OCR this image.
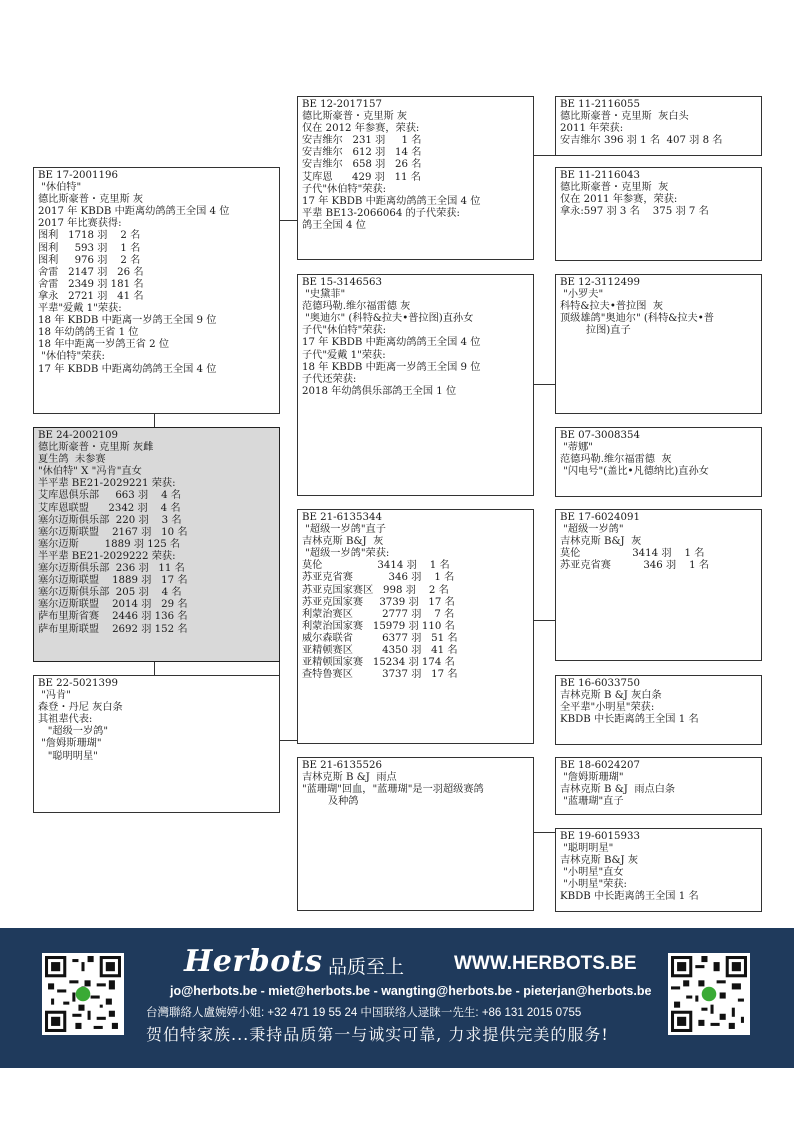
BE 17-2001196
"休伯特"
德比斯豪普・克里斯 灰
2017 年 KBDB 中距离幼鸽鸽王全国 4 位
2017 年比赛获得:
图利   1718 羽    2 名
图利     593 羽    1 名
图利     976 羽    2 名
舍雷   2147 羽   26 名
舍雷   2349 羽 181 名
拿永   2721 羽   41 名
平辈"爱戴 1"荣获:
18 年 KBDB 中距离一岁鸽王全国 9 位
18 年幼鸽鸽王省 1 位
18 年中距离一岁鸽王省 2 位
"休伯特"荣获:
17 年 KBDB 中距离幼鸽鸽王全国 4 位
BE 24-2002109
德比斯豪普・克里斯 灰雌
夏生鸽  未参赛
"休伯特" X "冯肯"直女
半平辈 BE21-2029221 荣获:
艾库恩俱乐部     663 羽    4 名
艾库恩联盟      2342 羽    4 名
塞尔迈斯俱乐部  220 羽    3 名
塞尔迈斯联盟    2167 羽   10 名
塞尔迈斯        1889 羽 125 名
半平辈 BE21-2029222 荣获:
塞尔迈斯俱乐部  236 羽   11 名
塞尔迈斯联盟    1889 羽   17 名
塞尔迈斯俱乐部  205 羽    4 名
塞尔迈斯联盟    2014 羽   29 名
萨布里斯省赛    2446 羽 136 名
萨布里斯联盟    2692 羽 152 名
BE 22-5021399
"冯肯"
森登・丹尼 灰白条
其祖辈代表:
"超级一岁鸽"
"詹姆斯珊瑚"
"聪明明星"
BE 12-2017157
德比斯豪普・克里斯 灰
仅在 2012 年参赛，荣获:
安吉维尔   231 羽     1 名
安吉维尔   612 羽   14 名
安吉维尔   658 羽   26 名
艾库恩      429 羽   11 名
子代"休伯特"荣获:
17 年 KBDB 中距离幼鸽鸽王全国 4 位
平辈 BE13-2066064 的子代荣获:
鸽王全国 4 位
BE 15-3146563
"史黛菲"
范德玛勒.维尔福雷德 灰
"奥迪尔" (科特&拉夫•普拉图)直孙女
子代"休伯特"荣获:
17 年 KBDB 中距离幼鸽鸽王全国 4 位
子代"爱戴 1"荣获:
18 年 KBDB 中距离一岁鸽王全国 9 位
子代还荣获:
2018 年幼鸽俱乐部鸽王全国 1 位
BE 21-6135344
"超级一岁鸽"直子
吉林克斯 B&J  灰
"超级一岁鸽"荣获:
莫伦                 3414 羽    1 名
苏亚克省赛           346 羽    1 名
苏亚克国家赛区   998 羽    2 名
苏亚克国家赛     3739 羽   17 名
利蒙治赛区         2777 羽    7 名
利蒙治国家赛   15979 羽 110 名
威尔森联省         6377 羽   51 名
亚精顿赛区         4350 羽   41 名
亚精顿国家赛   15234 羽 174 名
查特鲁赛区         3737 羽   17 名
BE 21-6135526
吉林克斯 B &J  雨点
"蓝珊瑚"回血，"蓝珊瑚"是一羽超级赛鸽
及种鸽
BE 11-2116055
德比斯豪普・克里斯  灰白头
2011 年荣获:
安吉维尔 396 羽 1 名  407 羽 8 名
BE 11-2116043
德比斯豪普・克里斯  灰
仅在 2011 年参赛，荣获:
拿永:597 羽 3 名    375 羽 7 名
BE 12-3112499
"小罗夫"
科特&拉夫•普拉图  灰
顶级雄鸽"奥迪尔" (科特&拉夫•普
拉图)直子
BE 07-3008354
"蒂娜"
范德玛勒.维尔福雷德  灰
"闪电号"(盖比•凡德纳比)直孙女
BE 17-6024091
"超级一岁鸽"
吉林克斯 B&J  灰
莫伦                3414 羽    1 名
苏亚克省赛          346 羽    1 名
BE 16-6033750
吉林克斯 B &J 灰白条
全平辈"小明星"荣获:
KBDB 中长距离鸽王全国 1 名
BE 18-6024207
"詹姆斯珊瑚"
吉林克斯 B &J  雨点白条
"蓝珊瑚"直子
BE 19-6015933
"聪明明星"
吉林克斯 B&J 灰
"小明星"直女
"小明星"荣获:
KBDB 中长距离鸽王全国 1 名
Herbots 品质至上	WWW.HERBOTS.BE
jo@herbots.be - miet@herbots.be - wangting@herbots.be - pieterjan@herbots.be
台灣聯絡人盧婉婷小姐: +32 471 19 55 24 中国联络人逯睐一先生: +86 131 2015 0755
贺伯特家族...秉持品质第一与诚实可靠, 力求提供完美的服务!
